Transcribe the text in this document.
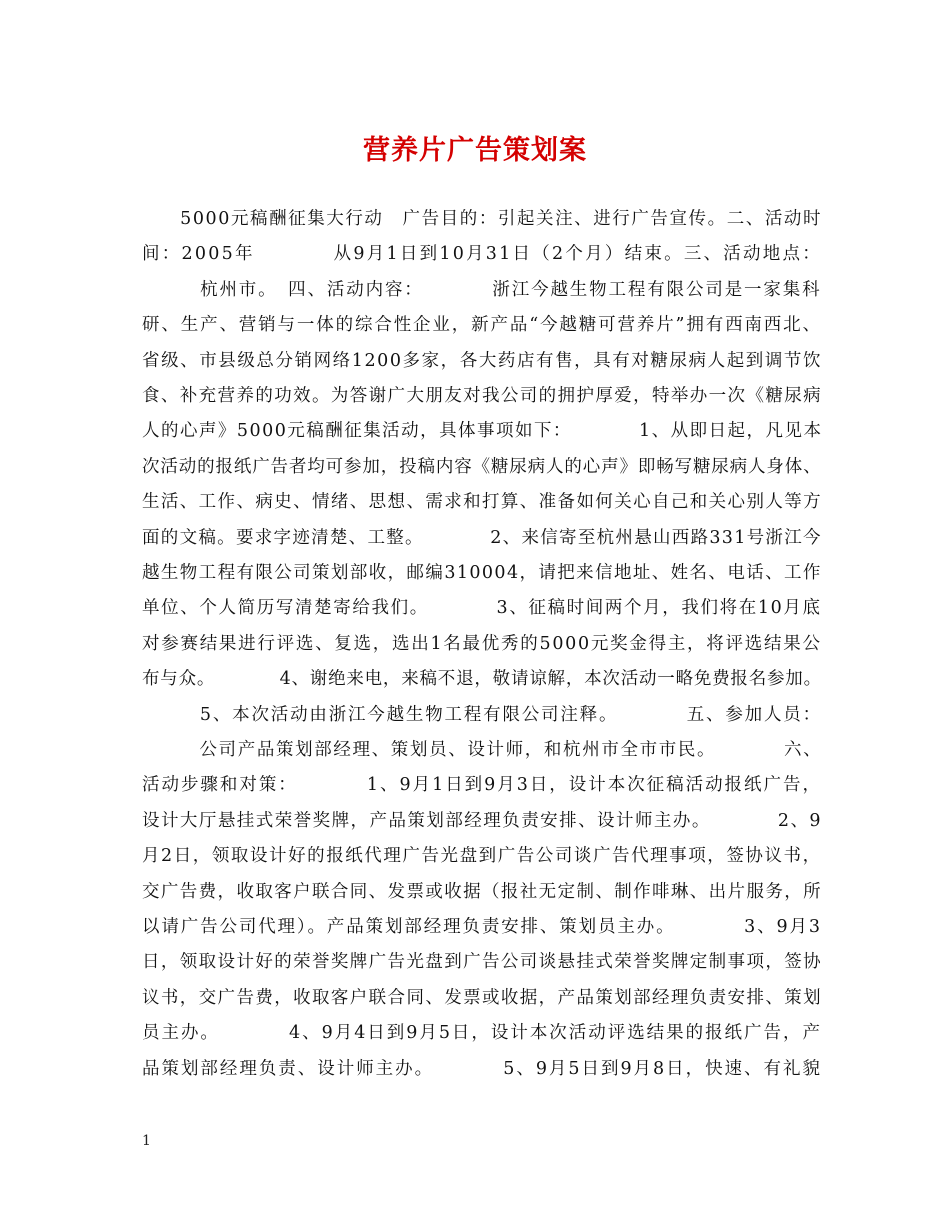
营养片广告策划案
　　5000元稿酬征集大行动　广告目的：引起关注、进行广告宣传。二、活动时
间：2005年　　　　从9月1日到10月31日（2个月）结束。三、活动地点：
　　　杭州市。　四、活动内容：　　　　浙江今越生物工程有限公司是一家集科
研、生产、营销与一体的综合性企业，新产品“今越糖可营养片”拥有西南西北、
省级、市县级总分销网络1200多家，各大药店有售，具有对糖尿病人起到调节饮
食、补充营养的功效。为答谢广大朋友对我公司的拥护厚爱，特举办一次《糖尿病
人的心声》5000元稿酬征集活动，具体事项如下：　　　　1、从即日起，凡见本
次活动的报纸广告者均可参加，投稿内容《糖尿病人的心声》即畅写糖尿病人身体、
生活、工作、病史、情绪、思想、需求和打算、准备如何关心自己和关心别人等方
面的文稿。要求字迹清楚、工整。　　　　2、来信寄至杭州悬山西路331号浙江今
越生物工程有限公司策划部收，邮编310004，请把来信地址、姓名、电话、工作
单位、个人简历写清楚寄给我们。　　　　3、征稿时间两个月，我们将在10月底
对参赛结果进行评选、复选，选出1名最优秀的5000元奖金得主，将评选结果公
布与众。　　　　4、谢绝来电，来稿不退，敬请谅解，本次活动一略免费报名参加。
　　　5、本次活动由浙江今越生物工程有限公司注释。　　　　五、参加人员：
　　　公司产品策划部经理、策划员、设计师，和杭州市全市市民。　　　　六、
活动步骤和对策：　　　　1、9月1日到9月3日，设计本次征稿活动报纸广告，
设计大厅悬挂式荣誉奖牌，产品策划部经理负责安排、设计师主办。　　　　2、9
月2日，领取设计好的报纸代理广告光盘到广告公司谈广告代理事项，签协议书，
交广告费，收取客户联合同、发票或收据（报社无定制、制作啡琳、出片服务，所
以请广告公司代理）。产品策划部经理负责安排、策划员主办。　　　　3、9月3
日，领取设计好的荣誉奖牌广告光盘到广告公司谈悬挂式荣誉奖牌定制事项，签协
议书，交广告费，收取客户联合同、发票或收据，产品策划部经理负责安排、策划
员主办。　　　　4、9月4日到9月5日，设计本次活动评选结果的报纸广告，产
品策划部经理负责、设计师主办。　　　　5、9月5日到9月8日，快速、有礼貌
1
